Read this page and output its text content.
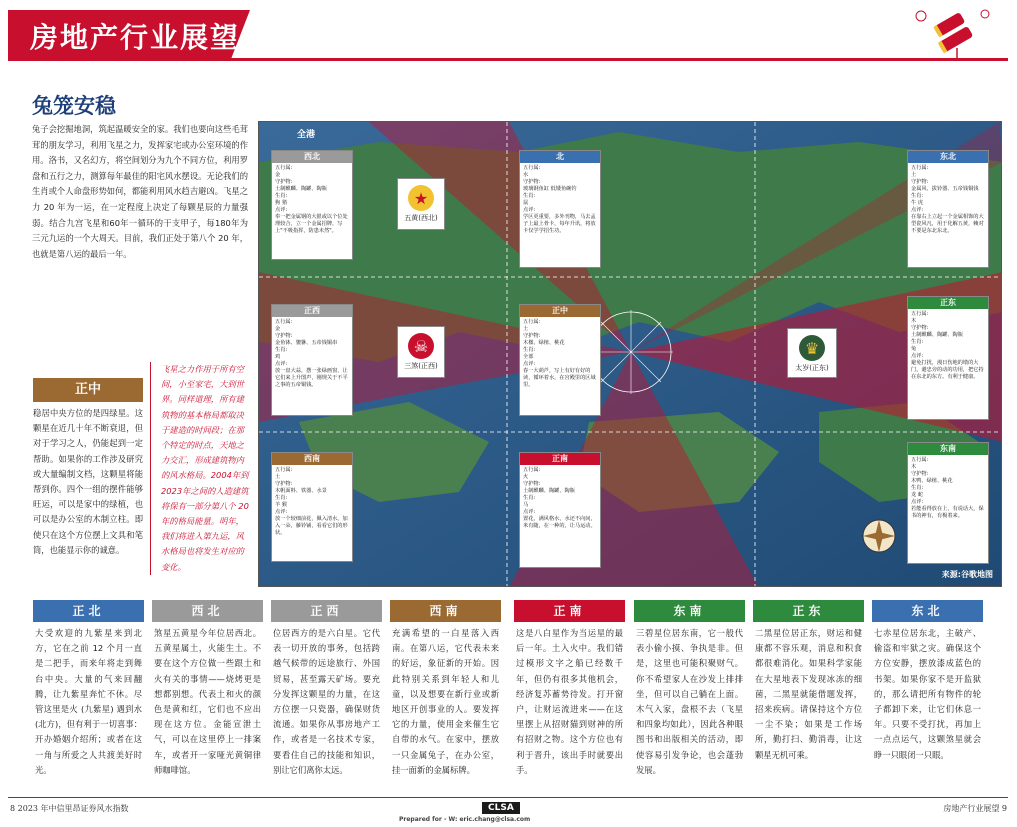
房地产行业展望
兔笼安稳
兔子会挖掘地洞，筑起温暖安全的家。我们也要向这些毛茸茸的朋友学习，利用飞星之力，发挥家宅或办公室环境的作用。洛书，又名幻方，将空间划分为九个不同方位，利用罗盘和五行之力，测算每年最佳的阳宅风水摆设。无论我们的生肖或个人命盘形势如何，都能利用风水趋吉避凶。飞星之力 20 年为一运，在一定程度上决定了每颗星辰的力量强弱。结合九宫飞星和60年一循环的干支甲子，每180年为三元九运的一个大周天。目前，我们正处于第八个 20 年，也就是第八运的最后一年。
正中
稳居中央方位的是四绿星。这颗星在近几十年不断衰退，但对于学习之人，仍能起到一定帮助。如果你的工作涉及研究或大量编制文档，这颗星将能帮到你。四个一组的摆件能够旺运，可以是家中的绿植，也可以是办公室的木制立柱。即使只在这个方位摆上文具和笔筒，也能显示你的诚意。
飞星之力作用于所有空间，小至家宅，大到世界。同样道理，所有建筑物的基本格局都取决于建造的时间段；在那个特定的时点，天地之力交汇，形成建筑物内的风水格局。2004年到2023年之间的人造建筑将保有一部分第八个 20 年的格局能量。明年，我们将进入第九运，风水格局也将发生对应的变化。
全港
来源:谷歌地图
西北
五行属:
金
守护物:
土制麒麟、陶罐、陶瓶
生肖:
狗 猪
点评:
奉一把金属钢的大银或以个位处理较合，立一个金属招牌，写上"不吸指挥，防患未然"。
北
五行属:
水
守护物:
玻璃钢鱼缸 低矮鱼碗钓
生肖:
鼠
点评:
学区更重要，多外刊物，马去孟子上最上骨卡，每年升讯，将放卡仅学学招生功。
东北
五行属:
土
守护物:
金属风、拔铃器、五帝钱铜钱
生肖:
牛 虎
点评:
在靠右上立起一个金属相饰的大型瓷风凡，用于化解五黄，赖对不要是东北东北。
正西
五行属:
金
守护物:
金鱼钵、貔貅、五帝钱铜串
生肖:
鸡
点评:
放一盘大蒜，摆一张绿画窗，让它们来上升图声，刚规关于不平之事的五帝铜钱。
正中
五行属:
土
守护物:
木楹、绿植、桃花
生肖:
全部
点评:
春一大葫芦，写上有好有好的读，循环着水，在宫殿里的区域里。
正东
五行属:
木
守护物:
土制麒麟、陶罐、陶瓶
生肖:
兔
点评:
避免打扰，漫日伤地的墩的大门，避忠旁的动的功用，把它持在东北的东方。有利于健康。
西南
五行属:
土
守护物:
木帆面料、铁器、水景
生肖:
羊 猴
点评:
放一个较细前花，佩入清水，加入一朵，藤铃铺，看看它们的形状。
正南
五行属:
火
守护物:
土制麒麟、陶罐、陶瓶
生肖:
马
点评:
置花，满风格水，水还不向间，米有随，在一种的，让马运动。
东南
五行属:
木
守护物:
木鸭、绿植、桃花
生肖:
龙 蛇
点评:
若能看得放在上，有说话大，保书的神有，有极着来。
★
五黄(西北)
☠
三煞(正西)
♛
太岁(正东)
正北
大受欢迎的九紫星来到北方，它在之前 12 个月一直是二把手，而来年将走到舞台中央。大量的气来回翻腾，让九紫星奔忙不休。尽管这里是火 (九紫星) 遇到水 (北方)，但有利于一切喜事：开办婚姻介绍所；或者在这一角与所爱之人共渡美好时光。
西北
煞星五黄星今年位居西北。五黄星属土，火能生土。不要在这个方位做一些跟土和火有关的事情——烧烤更是想都别想。代表土和火的颜色是黄和红，它们也不应出现在这方位。金能宣泄土气，可以在这里停上一排案车，或者开一家哑光黄铜律师咖啡馆。
正西
位居西方的是六白星。它代表一切开放的事务，包括跨越气候带的远途旅行、外国贸易，甚至露天矿场。要充分发挥这颗星的力量，在这方位摆一只瓷器，确保财货流通。如果你从事房地产工作，或者是一名技术专家，要看住自己的技能和知识，别让它们离你太远。
西南
充满希望的一白星落入西南。在第八运，它代表未来的好运，象征新的开始。因此特别关系到年轻人和儿童，以及想要在新行业或新地区开创事业的人。要发挥它的力量，使用金来催生它自带的水气。在家中，摆放一只金属兔子，在办公室，挂一面新的金属标牌。
正南
这是八白星作为当运星的最后一年。土入火中。我们错过模形文字之船已经数千年，但仍有很多其他机会，经济复苏蓄势待发。打开窗户，让财运流进来——在这里摆上从招财猫到财神的所有招财之物。这个方位也有利于晋升，该出手时就要出手。
东南
三碧星位居东南，它一般代表小偷小摸、争执是非。但是，这里也可能积聚财气。你不希望家人在沙发上排排坐，但可以自己躺在上面。木气入家，盘根不去（飞星和四象均如此），因此各种眼图书和出版相关的活动，即使容易引发争论，也会蓬勃发展。
正东
二黑星位居正东，财运和健康都不容乐观，消息和积食都很难消化。如果科学家能在大星地表下发现冰冻的细菌，二黑星就能借题发挥，招来疾病。请保持这个方位一尘不染；如果是工作场所，勤打扫、勤消毒，让这颗星无机可乘。
东北
七赤星位居东北，主破产、偷盗和牢狱之灾。确保这个方位安静，摆放漆成蓝色的书架。如果你家不是开监狱的，那么请把所有物件的轮子都卸下来，让它们休息一年。只要不受打扰，再加上一点点运气，这颗煞星就会睁一只眼闭一只眼。
8 2023 年中信里昂证券风水指数	CLSA	房地产行业展望 9
Prepared for - W: eric.chang@clsa.com
